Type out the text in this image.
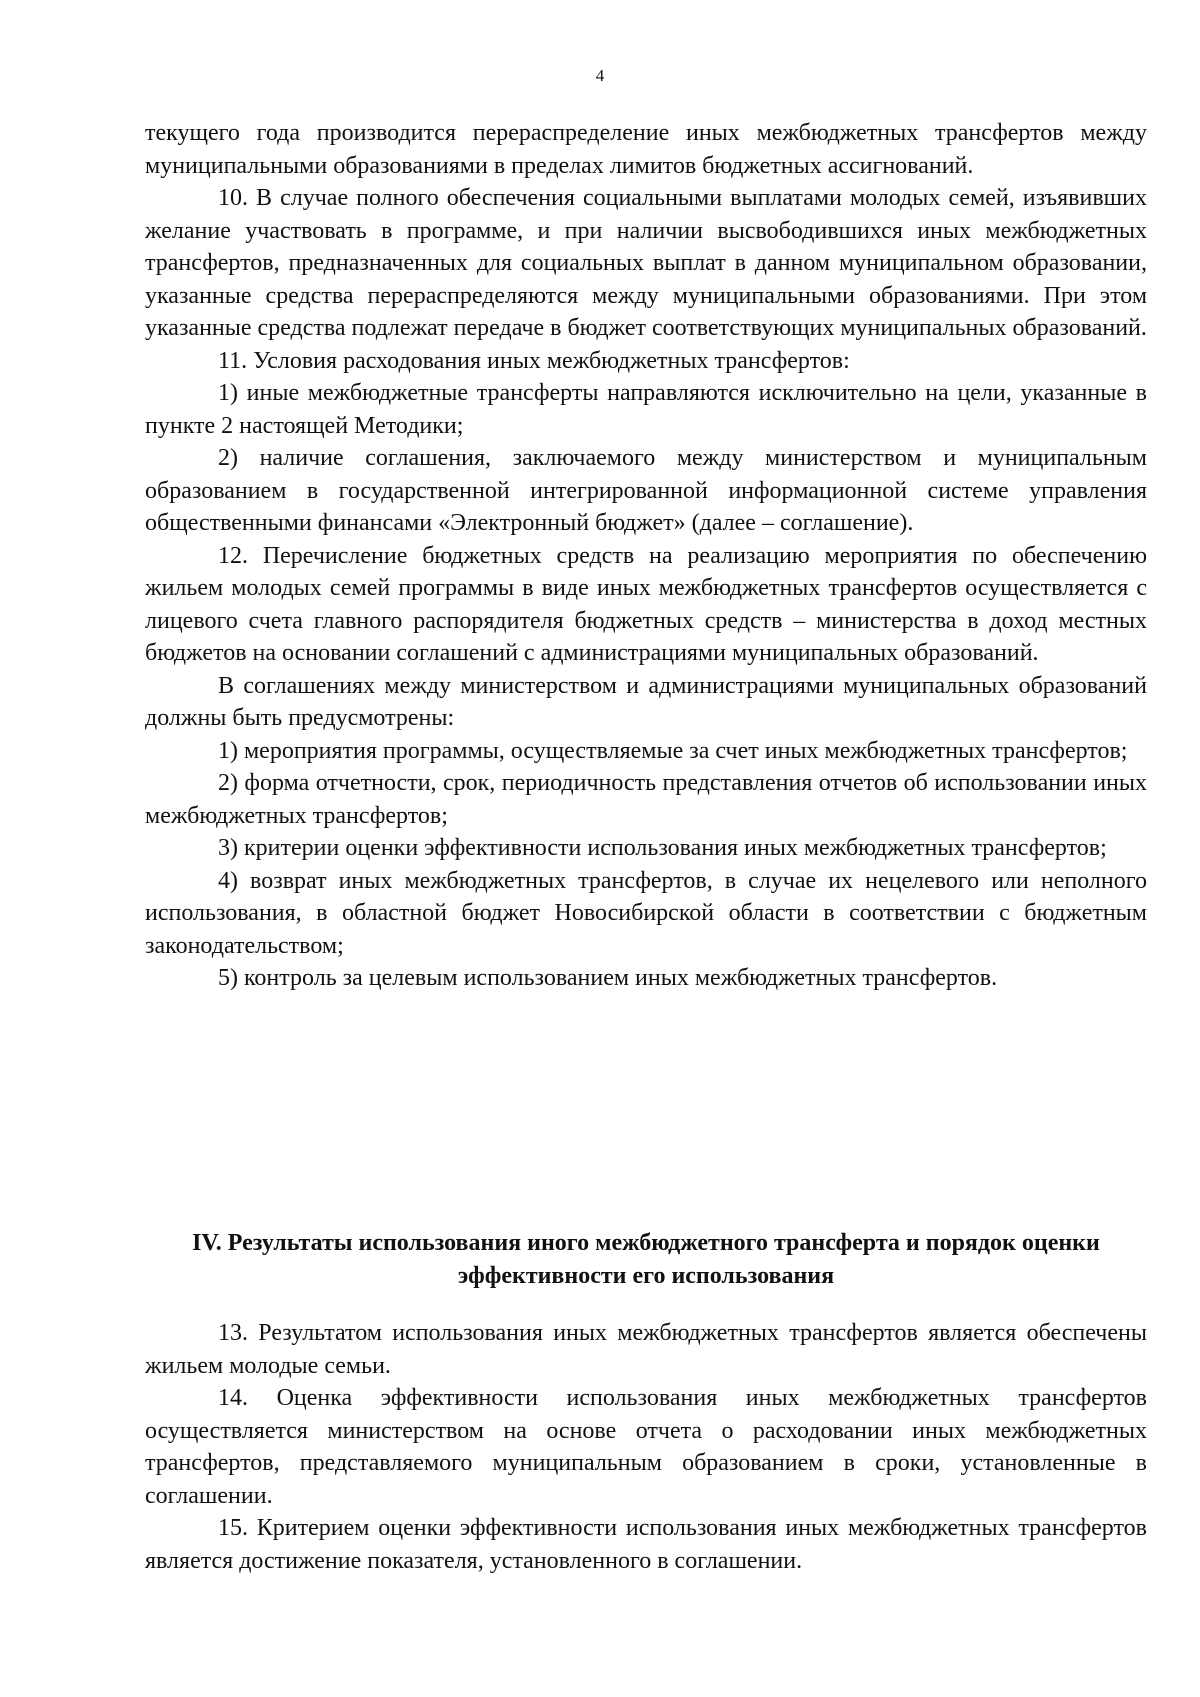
4

текущего года производится перераспределение иных межбюджетных трансфертов между муниципальными образованиями в пределах лимитов бюджетных ассигнований.

10. В случае полного обеспечения социальными выплатами молодых семей, изъявивших желание участвовать в программе, и при наличии высвободившихся иных межбюджетных трансфертов, предназначенных для социальных выплат в данном муниципальном образовании, указанные средства перераспределяются между муниципальными образованиями. При этом указанные средства подлежат передаче в бюджет соответствующих муниципальных образований.

11. Условия расходования иных межбюджетных трансфертов:

1) иные межбюджетные трансферты направляются исключительно на цели, указанные в пункте 2 настоящей Методики;

2) наличие соглашения, заключаемого между министерством и муниципальным образованием в государственной интегрированной информационной системе управления общественными финансами «Электронный бюджет» (далее – соглашение).

12. Перечисление бюджетных средств на реализацию мероприятия по обеспечению жильем молодых семей программы в виде иных межбюджетных трансфертов осуществляется с лицевого счета главного распорядителя бюджетных средств – министерства в доход местных бюджетов на основании соглашений с администрациями муниципальных образований.

В соглашениях между министерством и администрациями муниципальных образований должны быть предусмотрены:

1) мероприятия программы, осуществляемые за счет иных межбюджетных трансфертов;

2) форма отчетности, срок, периодичность представления отчетов об использовании иных межбюджетных трансфертов;

3) критерии оценки эффективности использования иных межбюджетных трансфертов;

4) возврат иных межбюджетных трансфертов, в случае их нецелевого или неполного использования, в областной бюджет Новосибирской области в соответствии с бюджетным законодательством;

5) контроль за целевым использованием иных межбюджетных трансфертов.

IV. Результаты использования иного межбюджетного трансферта и порядок оценки эффективности его использования

13. Результатом использования иных межбюджетных трансфертов является обеспечены жильем молодые семьи.

14. Оценка эффективности использования иных межбюджетных трансфертов осуществляется министерством на основе отчета о расходовании иных межбюджетных трансфертов, представляемого муниципальным образованием в сроки, установленные в соглашении.

15. Критерием оценки эффективности использования иных межбюджетных трансфертов является достижение показателя, установленного в соглашении.
